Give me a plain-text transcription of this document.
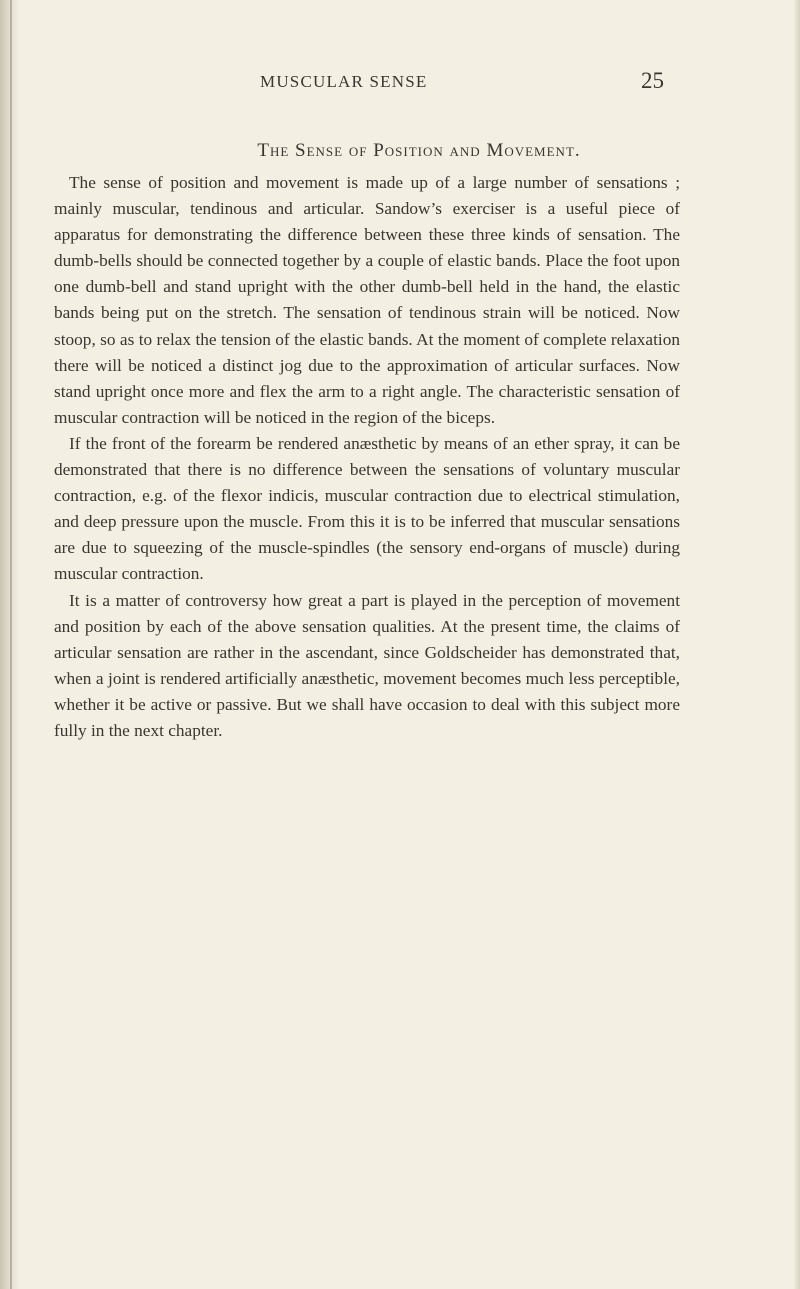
MUSCULAR SENSE	25
The Sense of Position and Movement.

The sense of position and movement is made up of a large number of sensations ; mainly muscular, tendinous and articular. Sandow’s exerciser is a useful piece of apparatus for demonstrating the difference between these three kinds of sensation. The dumb-bells should be connected together by a couple of elastic bands. Place the foot upon one dumb-bell and stand upright with the other dumb-bell held in the hand, the elastic bands being put on the stretch. The sensation of tendinous strain will be noticed. Now stoop, so as to relax the tension of the elastic bands. At the moment of complete relaxation there will be noticed a distinct jog due to the approximation of articular surfaces. Now stand upright once more and flex the arm to a right angle. The characteristic sensation of muscular contraction will be noticed in the region of the biceps.

If the front of the forearm be rendered anæsthetic by means of an ether spray, it can be demonstrated that there is no difference between the sensations of voluntary muscular contraction, e.g. of the flexor indicis, muscular contraction due to electrical stimulation, and deep pressure upon the muscle. From this it is to be inferred that muscular sensations are due to squeezing of the muscle-spindles (the sensory end-organs of muscle) during muscular contraction.

It is a matter of controversy how great a part is played in the perception of movement and position by each of the above sensation qualities. At the present time, the claims of articular sensation are rather in the ascendant, since Goldscheider has demonstrated that, when a joint is rendered artificially anæsthetic, movement becomes much less perceptible, whether it be active or passive. But we shall have occasion to deal with this subject more fully in the next chapter.
